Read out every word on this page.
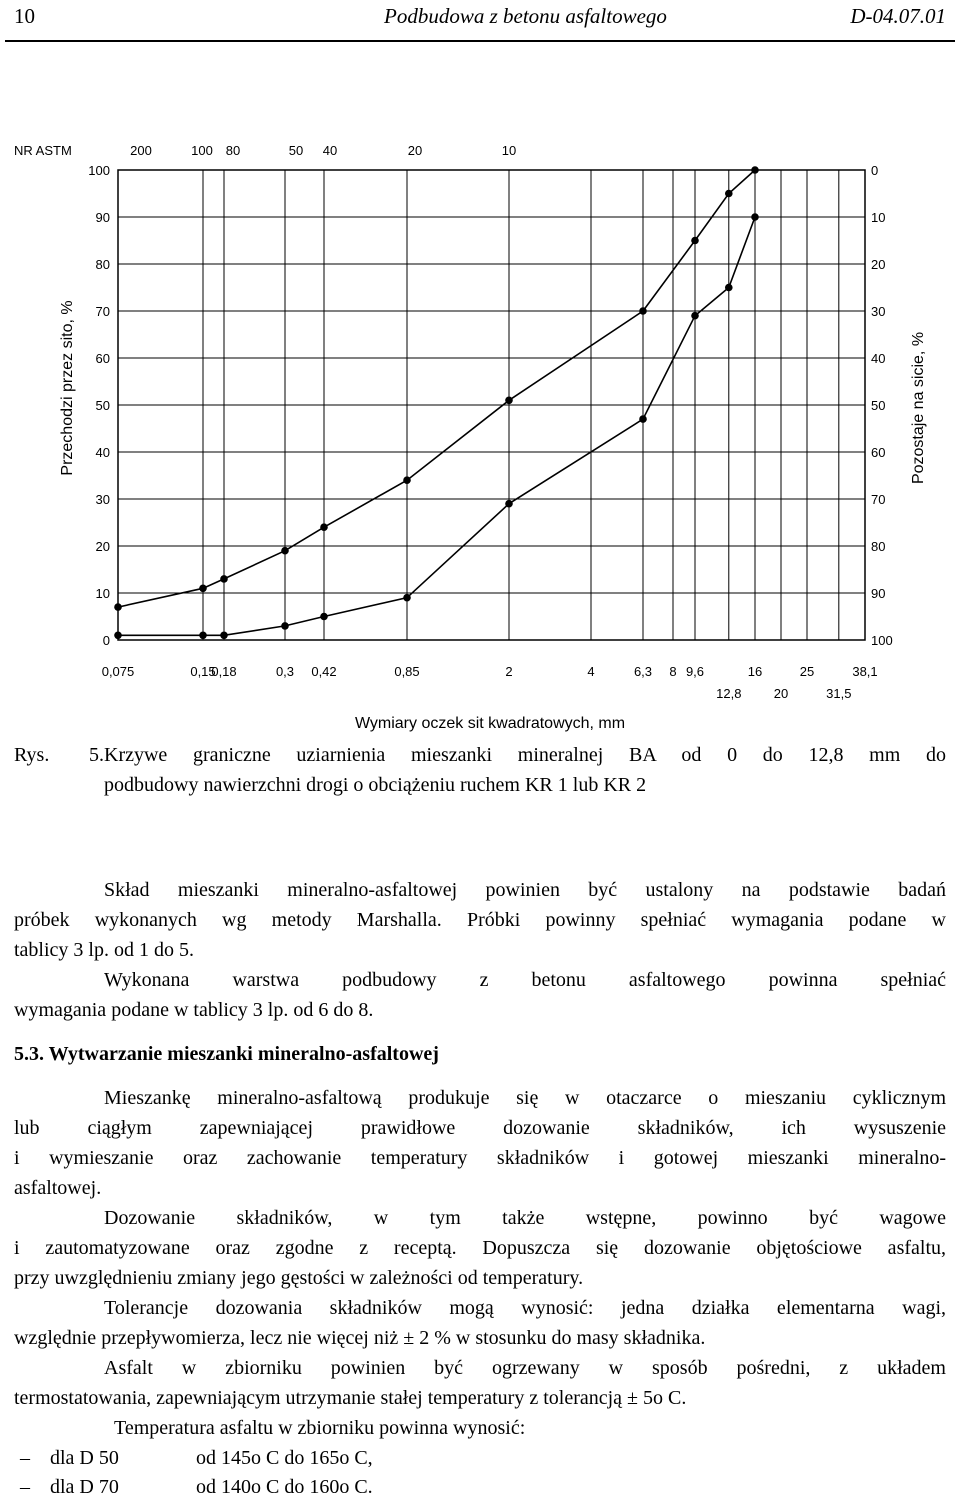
10	Podbudowa z betonu asfaltowego	D-04.07.01
NR ASTM	200	100 80	50 40	20	10
0
10
20
30
40
50
60
70
80
90
100
100
90
80
70
60
50
40
30
20
10
0
0,075	0,15
0,18	0,3 0,42	0,85	2	4	6,3 8 9,6	16	25	38,1
12,8 20	31,5
Przechodzi przez sito, %	Pozostaje na sicie, %
Wymiary oczek sit kwadratowych, mm

Rys. 5.Krzywe graniczne uziarnienia mieszanki mineralnej BA od 0 do 12,8 mm do

podbudowy nawierzchni drogi o obciążeniu ruchem KR 1 lub KR 2

Skład mieszanki mineralno-asfaltowej powinien być ustalony na podstawie badań

próbek wykonanych wg metody Marshalla. Próbki powinny spełniać wymagania podane w

tablicy 3 lp. od 1 do 5.

Wykonana warstwa podbudowy z betonu asfaltowego powinna spełniać

wymagania podane w tablicy 3 lp. od 6 do 8.

5.3. Wytwarzanie mieszanki mineralno-asfaltowej

Mieszankę mineralno-asfaltową produkuje się w otaczarce o mieszaniu cyklicznym

lub ciągłym zapewniającej prawidłowe dozowanie składników, ich wysuszenie

i wymieszanie oraz zachowanie temperatury składników i gotowej mieszanki mineralno-

asfaltowej.

Dozowanie składników, w tym także wstępne, powinno być wagowe

i zautomatyzowane oraz zgodne z receptą. Dopuszcza się dozowanie objętościowe asfaltu,

przy uwzględnieniu zmiany jego gęstości w zależności od temperatury.

Tolerancje dozowania składników mogą wynosić: jedna działka elementarna wagi,

względnie przepływomierza, lecz nie więcej niż ± 2 % w stosunku do masy składnika.

Asfalt w zbiorniku powinien być ogrzewany w sposób pośredni, z układem

termostatowania, zapewniającym utrzymanie stałej temperatury z tolerancją ± 5o C.

Temperatura asfaltu w zbiorniku powinna wynosić:

– dla D 50	od 145o C do 165o C,
– dla D 70	od 140o C do 160o C.
